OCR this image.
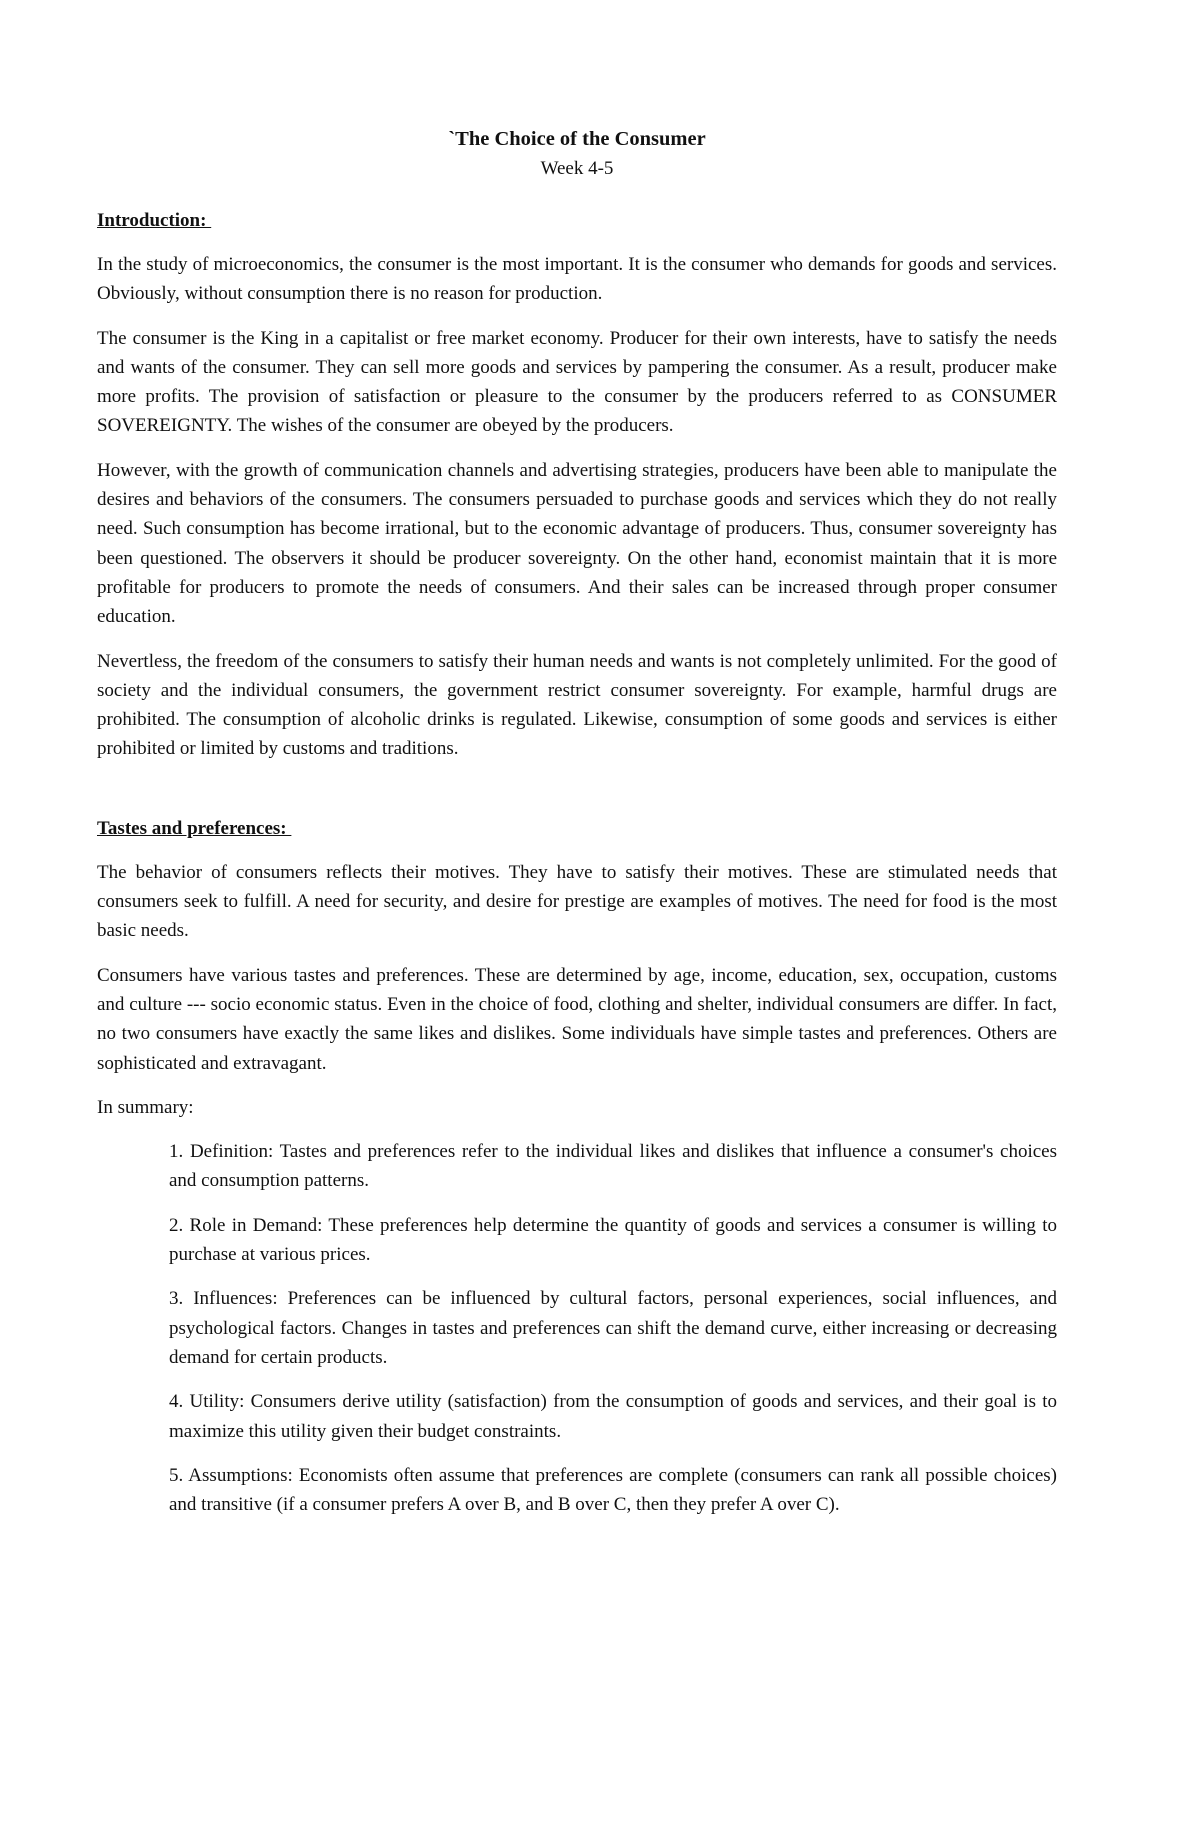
`The Choice of the Consumer
Week 4-5
Introduction:

In the study of microeconomics, the consumer is the most important. It is the consumer who demands for goods and services. Obviously, without consumption there is no reason for production.

The consumer is the King in a capitalist or free market economy. Producer for their own interests, have to satisfy the needs and wants of the consumer. They can sell more goods and services by pampering the consumer. As a result, producer make more profits. The provision of satisfaction or pleasure to the consumer by the producers referred to as CONSUMER SOVEREIGNTY. The wishes of the consumer are obeyed by the producers.

However, with the growth of communication channels and advertising strategies, producers have been able to manipulate the desires and behaviors of the consumers. The consumers persuaded to purchase goods and services which they do not really need. Such consumption has become irrational, but to the economic advantage of producers. Thus, consumer sovereignty has been questioned. The observers it should be producer sovereignty. On the other hand, economist maintain that it is more profitable for producers to promote the needs of consumers. And their sales can be increased through proper consumer education.

Nevertless, the freedom of the consumers to satisfy their human needs and wants is not completely unlimited. For the good of society and the individual consumers, the government restrict consumer sovereignty. For example, harmful drugs are prohibited. The consumption of alcoholic drinks is regulated. Likewise, consumption of some goods and services is either prohibited or limited by customs and traditions.

Tastes and preferences:

The behavior of consumers reflects their motives. They have to satisfy their motives. These are stimulated needs that consumers seek to fulfill. A need for security, and desire for prestige are examples of motives. The need for food is the most basic needs.

Consumers have various tastes and preferences. These are determined by age, income, education, sex, occupation, customs and culture --- socio economic status. Even in the choice of food, clothing and shelter, individual consumers are differ. In fact, no two consumers have exactly the same likes and dislikes. Some individuals have simple tastes and preferences. Others are sophisticated and extravagant.

In summary:

1. Definition: Tastes and preferences refer to the individual likes and dislikes that influence a consumer's choices and consumption patterns.
2. Role in Demand: These preferences help determine the quantity of goods and services a consumer is willing to purchase at various prices.
3. Influences: Preferences can be influenced by cultural factors, personal experiences, social influences, and psychological factors. Changes in tastes and preferences can shift the demand curve, either increasing or decreasing demand for certain products.
4. Utility: Consumers derive utility (satisfaction) from the consumption of goods and services, and their goal is to maximize this utility given their budget constraints.
5. Assumptions: Economists often assume that preferences are complete (consumers can rank all possible choices) and transitive (if a consumer prefers A over B, and B over C, then they prefer A over C).
